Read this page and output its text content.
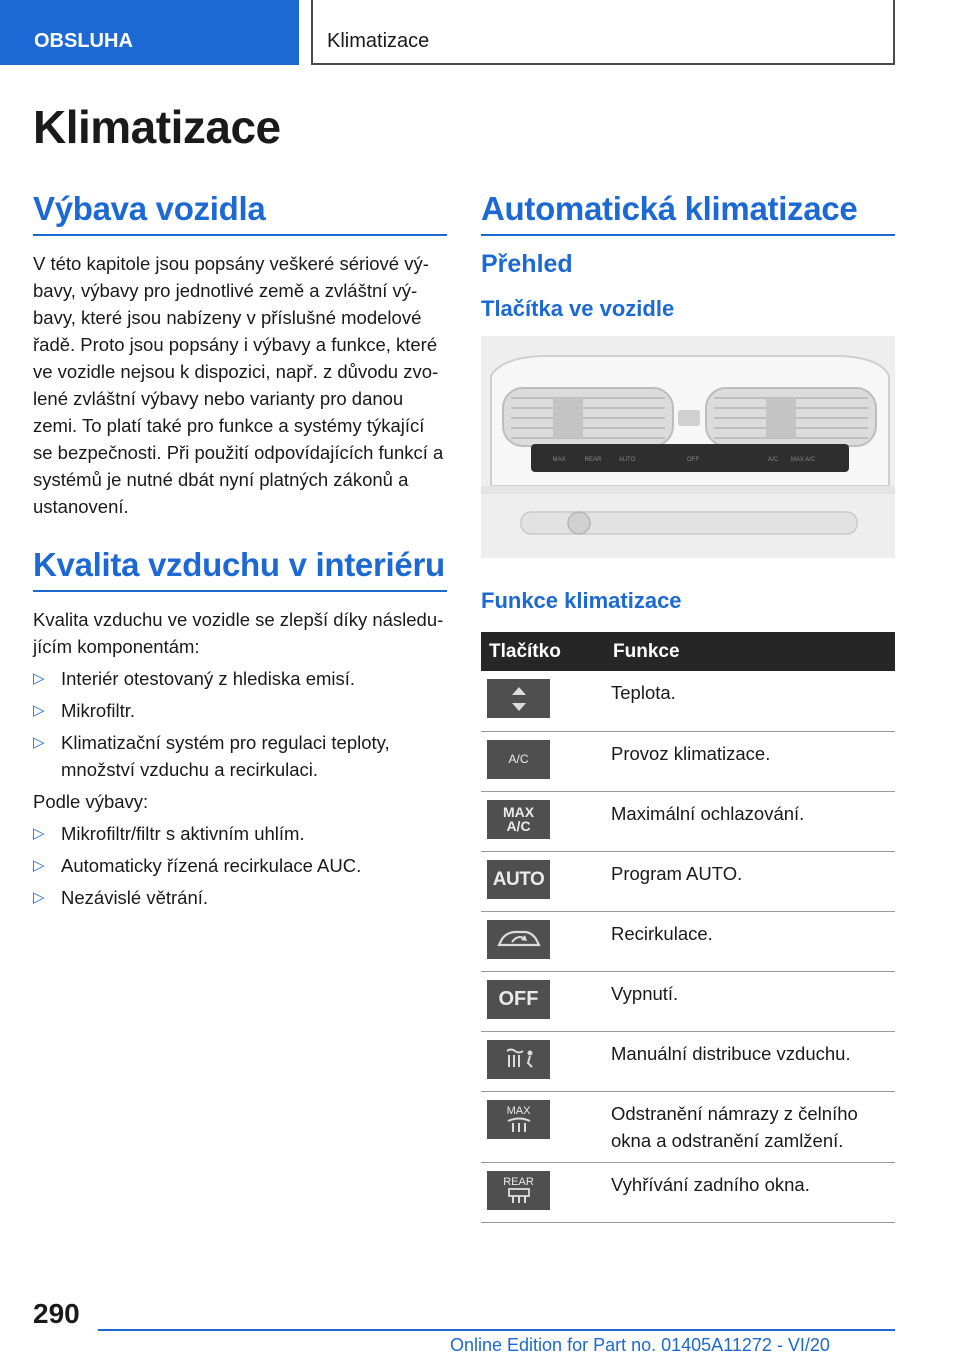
OBSLUHA	Klimatizace
Klimatizace
Výbava vozidla
V této kapitole jsou popsány veškeré sériové vý-
bavy, výbavy pro jednotlivé země a zvláštní vý-
bavy, které jsou nabízeny v příslušné modelové
řadě. Proto jsou popsány i výbavy a funkce, které
ve vozidle nejsou k dispozici, např. z důvodu zvo-
lené zvláštní výbavy nebo varianty pro danou
zemi. To platí také pro funkce a systémy týkající
se bezpečnosti. Při použití odpovídajících funkcí a
systémů je nutné dbát nyní platných zákonů a
ustanovení.
Kvalita vzduchu v interiéru
Kvalita vzduchu ve vozidle se zlepší díky následu-
jícím komponentám:
▷ Interiér otestovaný z hlediska emisí.
▷ Mikrofiltr.
▷ Klimatizační systém pro regulaci teploty,
množství vzduchu a recirkulaci.
Podle výbavy:
▷ Mikrofiltr/filtr s aktivním uhlím.
▷ Automaticky řízená recirkulace AUC.
▷ Nezávislé větrání.
Automatická klimatizace
Přehled
Tlačítka ve vozidle
MAX	REAR	AUTO	OFF	A/C MAX A/C
Funkce klimatizace
Tlačítko	Funkce

Teplota.

A/C	Provoz klimatizace.

MAX A/C	Maximální ochlazování.

AUTO	Program AUTO.

Recirkulace.

OFF	Vypnutí.

Manuální distribuce vzduchu.

MAX	Odstranění námrazy z čelního
okna a odstranění zamlžení.

REAR	Vyhřívání zadního okna.
290
Online Edition for Part no. 01405A11272 - VI/20
